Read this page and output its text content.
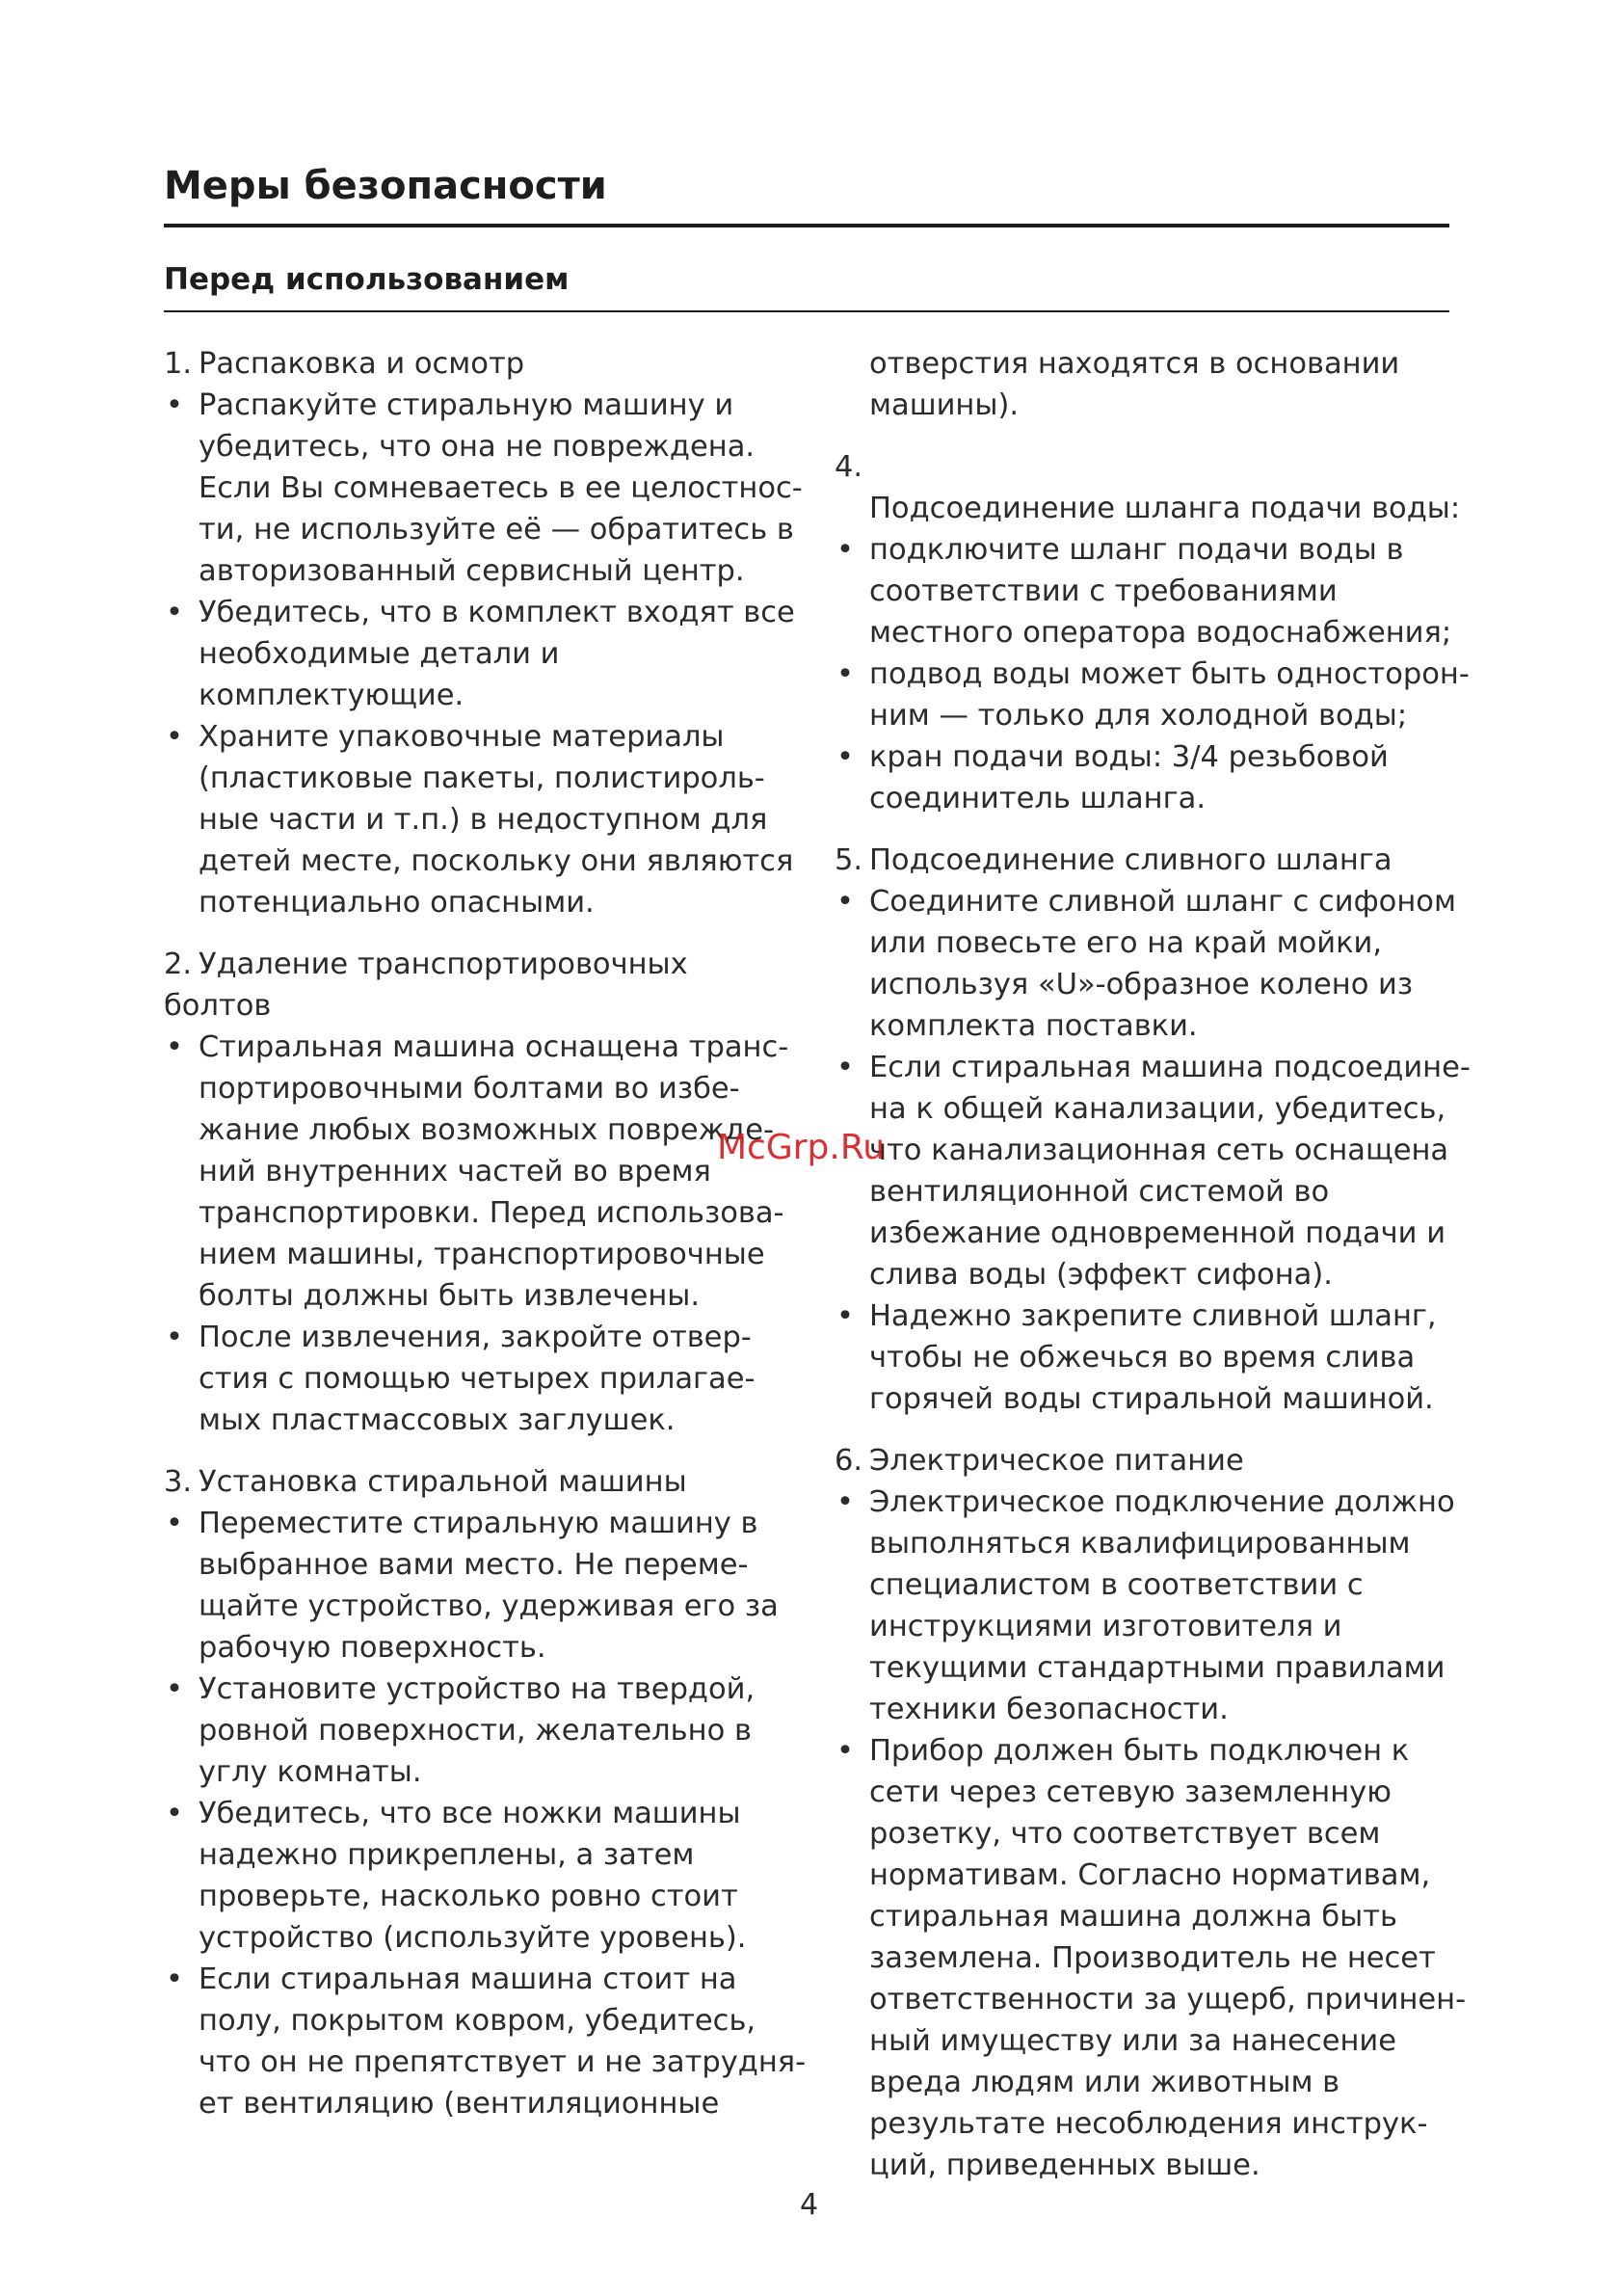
Меры безопасности
Перед использованием
1. Распаковка и осмотр
• Распакуйте стиральную машину и
убедитесь, что она не повреждена.
Если Вы сомневаетесь в ее целостнос-
ти, не используйте её — обратитесь в
авторизованный сервисный центр.
• Убедитесь, что в комплект входят все
необходимые детали и
комплектующие.
• Храните упаковочные материалы
(пластиковые пакеты, полистироль-
ные части и т.п.) в недоступном для
детей месте, поскольку они являются
потенциально опасными.
2. Удаление транспортировочных
болтов
• Стиральная машина оснащена транс-
портировочными болтами во избе-
жание любых возможных поврежде-
ний внутренних частей во время
транспортировки. Перед использова-
нием машины, транспортировочные
болты должны быть извлечены.
• После извлечения, закройте отвер-
стия с помощью четырех прилагае-
мых пластмассовых заглушек.
3. Установка стиральной машины
• Переместите стиральную машину в
выбранное вами место. Не переме-
щайте устройство, удерживая его за
рабочую поверхность.
• Установите устройство на твердой,
ровной поверхности, желательно в
углу комнаты.
• Убедитесь, что все ножки машины
надежно прикреплены, а затем
проверьте, насколько ровно стоит
устройство (используйте уровень).
• Если стиральная машина стоит на
полу, покрытом ковром, убедитесь,
что он не препятствует и не затрудня-
ет вентиляцию (вентиляционные
отверстия находятся в основании
машины).
4.Подсоединение шланга подачи воды:
• подключите шланг подачи воды в
соответствии с требованиями
местного оператора водоснабжения;
• подвод воды может быть односторон-
ним — только для холодной воды;
• кран подачи воды: 3/4 резьбовой
соединитель шланга.
5. Подсоединение сливного шланга
• Соедините сливной шланг с сифоном
или повесьте его на край мойки,
используя «U»-образное колено из
комплекта поставки.
• Если стиральная машина подсоедине-
на к общей канализации, убедитесь,
что канализационная сеть оснащена
вентиляционной системой во
избежание одновременной подачи и
слива воды (эффект сифона).
• Надежно закрепите сливной шланг,
чтобы не обжечься во время слива
горячей воды стиральной машиной.
6. Электрическое питание
• Электрическое подключение должно
выполняться квалифицированным
специалистом в соответствии с
инструкциями изготовителя и
текущими стандартными правилами
техники безопасности.
• Прибор должен быть подключен к
сети через сетевую заземленную
розетку, что соответствует всем
нормативам. Согласно нормативам,
стиральная машина должна быть
заземлена. Производитель не несет
ответственности за ущерб, причинен-
ный имуществу или за нанесение
вреда людям или животным в
результате несоблюдения инструк-
ций, приведенных выше.
McGrp.Ru
4
